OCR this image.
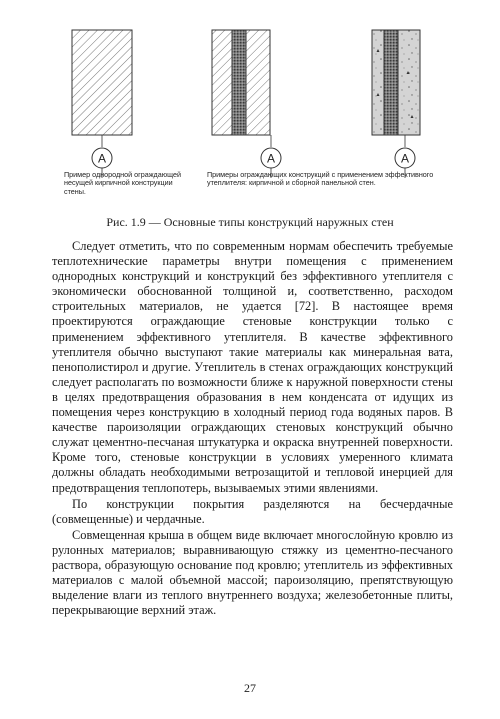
A	A
▴
▴
▴
▴
A
Пример однородной ограждающей несущей кирпичной конструкции стены.
Примеры ограждающих конструкций с применением эффективного утеплителя: кирпичной и сборной панельной стен.
Рис. 1.9 — Основные типы конструкций наружных стен

Следует отметить, что по современным нормам обеспечить требуемые теплотехнические параметры внутри помещения с применением однородных конструкций и конструкций без эффективного утеплителя с экономически обоснованной толщиной и, соответственно, расходом строительных материалов, не удается [72]. В настоящее время проектируются ограждающие стеновые конструкции только с применением эффективного утеплителя. В качестве эффективного утеплителя обычно выступают такие материалы как минеральная вата, пенополистирол и другие. Утеплитель в стенах ограждающих конструкций следует располагать по возможности ближе к наружной поверхности стены в целях предотвращения образования в нем конденсата от идущих из помещения через конструкцию в холодный период года водяных паров. В качестве пароизоляции ограждающих стеновых конструкций обычно служат цементно-песчаная штукатурка и окраска внутренней поверхности. Кроме того, стеновые конструкции в условиях умеренного климата должны обладать необходимыми ветрозащитой и тепловой инерцией для предотвращения теплопотерь, вызываемых этими явлениями.

По конструкции покрытия разделяются на бесчердачные (совмещенные) и чердачные.

Совмещенная крыша в общем виде включает многослойную кровлю из рулонных материалов; выравнивающую стяжку из цементно-песчаного раствора, образующую основание под кровлю; утеплитель из эффективных материалов с малой объемной массой; пароизоляцию, препятствующую выделение влаги из теплого внутреннего воздуха; железобетонные плиты, перекрывающие верхний этаж.

27
